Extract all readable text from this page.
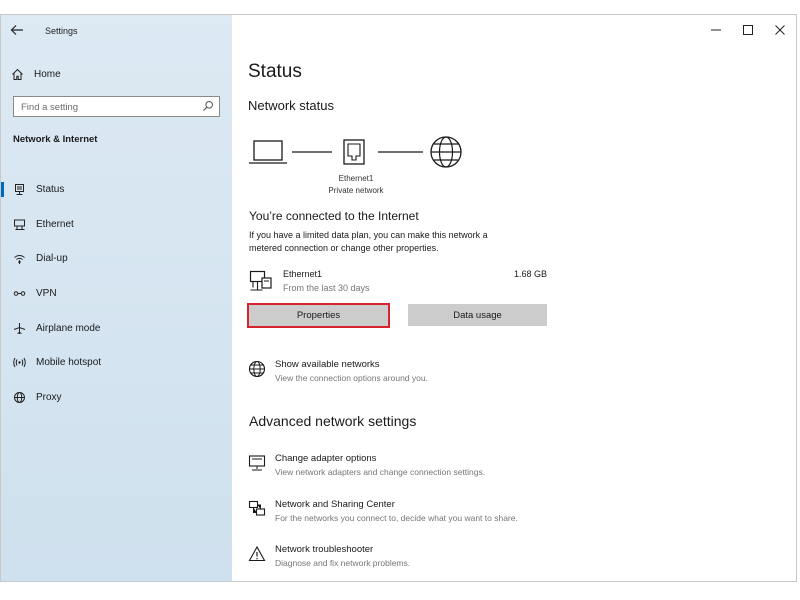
Settings
Home
Find a setting
Network & Internet
Status
Ethernet
Dial-up
VPN
Airplane mode
Mobile hotspot
Proxy
Status
Network status
Ethernet1
Private network
You’re connected to the Internet
If you have a limited data plan, you can make this network a
metered connection or change other properties.
Ethernet1
From the last 30 days
1.68 GB
Properties	Data usage
Show available networks
View the connection options around you.
Advanced network settings
Change adapter options
View network adapters and change connection settings.
Network and Sharing Center
For the networks you connect to, decide what you want to share.
Network troubleshooter
Diagnose and fix network problems.
